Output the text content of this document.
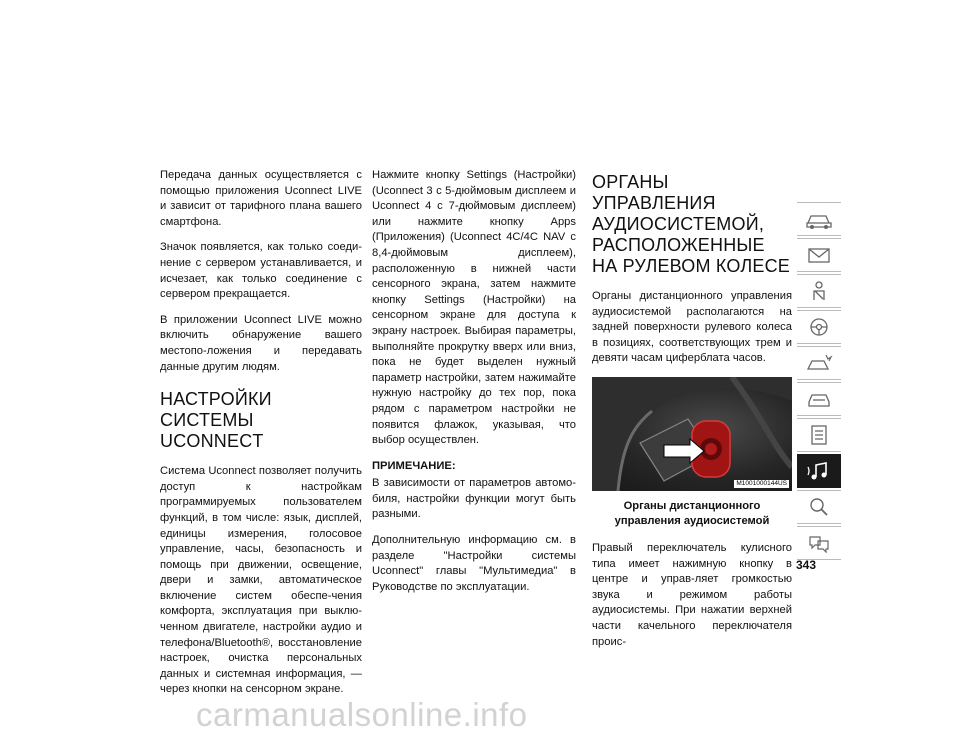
Передача данных осуществляется с помощью приложения Uconnect LIVE и зависит от тарифного плана вашего смартфона.

Значок появляется, как только соеди-нение с сервером устанавливается, и исчезает, как только соединение с сервером прекращается.

В приложении Uconnect LIVE можно включить обнаружение вашего местопо-ложения и передавать данные другим людям.

НАСТРОЙКИ СИСТЕМЫ UCONNECT

Система Uconnect позволяет получить доступ к настройкам программируемых пользователем функций, в том числе: язык, дисплей, единицы измерения, голосовое управление, часы, безопасность и помощь при движении, освещение, двери и замки, автоматическое включение систем обеспе-чения комфорта, эксплуатация при выклю-ченном двигателе, настройки аудио и телефона/Bluetooth®, восстановление настроек, очистка персональных данных и системная информация, — через кнопки на сенсорном экране.

Нажмите кнопку Settings (Настройки) (Uconnect 3 с 5-дюймовым дисплеем и Uconnect 4 с 7-дюймовым дисплеем) или нажмите кнопку Apps (Приложения) (Uconnect 4C/4C NAV с 8,4-дюймовым дисплеем), расположенную в нижней части сенсорного экрана, затем нажмите кнопку Settings (Настройки) на сенсорном экране для доступа к экрану настроек. Выбирая параметры, выполняйте прокрутку вверх или вниз, пока не будет выделен нужный параметр настройки, затем нажимайте нужную настройку до тех пор, пока рядом с параметром настройки не появится флажок, указывая, что выбор осуществлен.

ПРИМЕЧАНИЕ:

В зависимости от параметров автомо-биля, настройки функции могут быть разными.

Дополнительную информацию см. в разделе "Настройки системы Uconnect" главы "Мультимедиа" в Руководстве по эксплуатации.

ОРГАНЫ УПРАВЛЕНИЯ АУДИОСИСТЕМОЙ, РАСПОЛОЖЕННЫЕ НА РУЛЕВОМ КОЛЕСЕ

Органы дистанционного управления аудиосистемой располагаются на задней поверхности рулевого колеса в позициях, соответствующих трем и девяти часам циферблата часов.

M1001000144US
Органы дистанционного управления аудиосистемой

Правый переключатель кулисного типа имеет нажимную кнопку в центре и управ-ляет громкостью звука и режимом работы аудиосистемы. При нажатии верхней части качельного переключателя проис-

343
carmanualsonline.info
